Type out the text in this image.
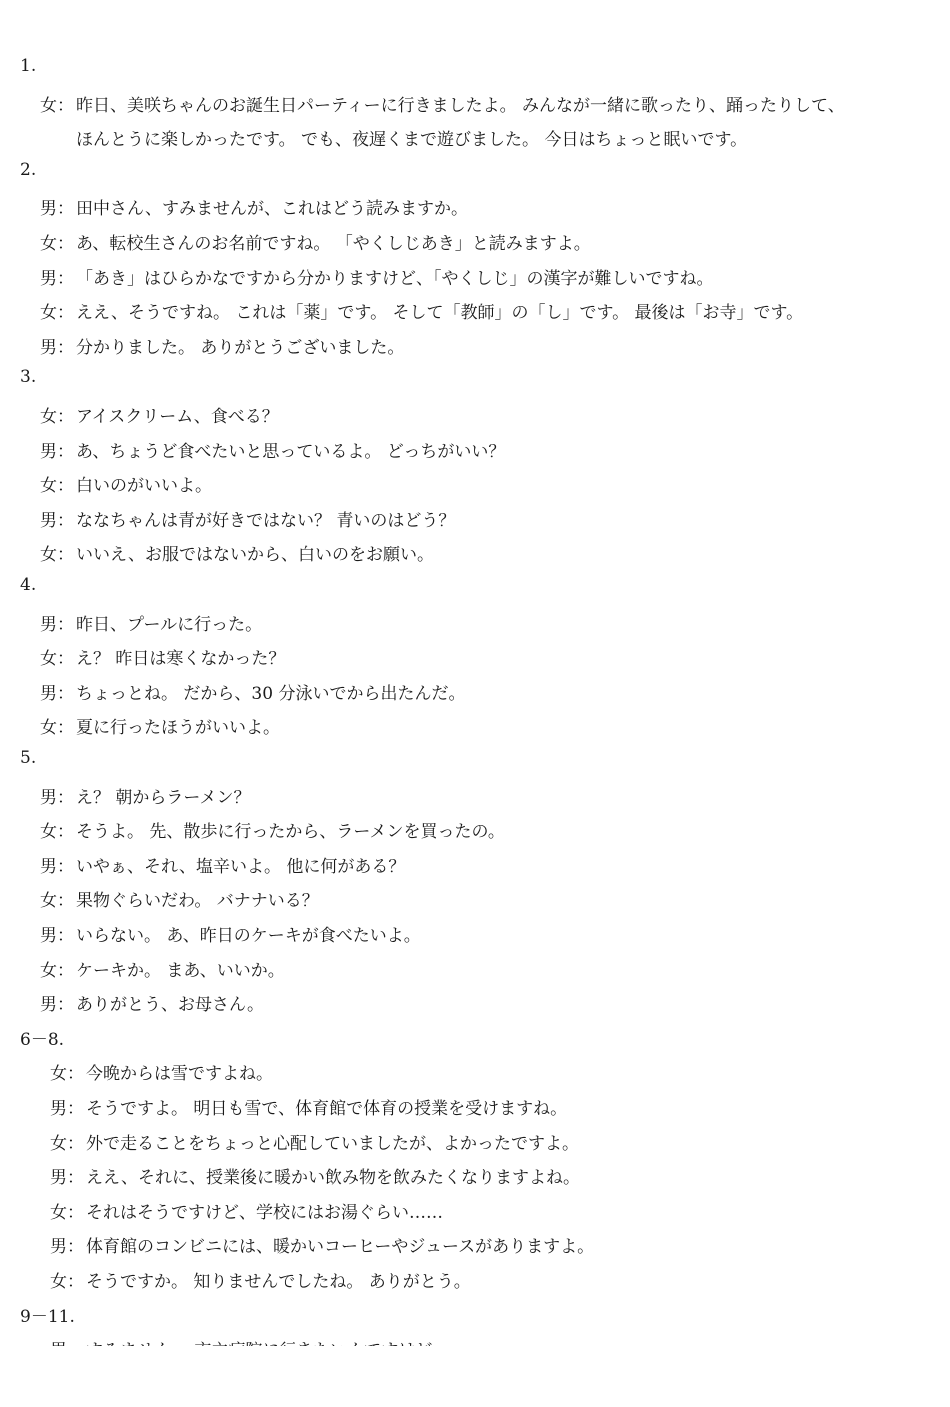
1.
女： 昨日、美咲ちゃんのお誕生日パーティーに行きましたよ。 みんなが一緒に歌ったり、踊ったりして、
ほんとうに楽しかったです。 でも、夜遅くまで遊びました。 今日はちょっと眠いです。
2.
男： 田中さん、すみませんが、これはどう読みますか。
女： あ、転校生さんのお名前ですね。 「やくしじあき」と読みますよ。
男： 「あき」はひらかなですから分かりますけど、「やくしじ」の漢字が難しいですね。
女： ええ、そうですね。 これは「薬」です。 そして「教師」の「し」です。 最後は「お寺」です。
男： 分かりました。 ありがとうございました。
3.
女： アイスクリーム、食べる？
男： あ、ちょうど食べたいと思っているよ。 どっちがいい？
女： 白いのがいいよ。
男： ななちゃんは青が好きではない？ 青いのはどう？
女： いいえ、お服ではないから、白いのをお願い。
4.
男： 昨日、プールに行った。
女： え？ 昨日は寒くなかった？
男： ちょっとね。 だから、30 分泳いでから出たんだ。
女： 夏に行ったほうがいいよ。
5.
男： え？ 朝からラーメン？
女： そうよ。 先、散歩に行ったから、ラーメンを買ったの。
男： いやぁ、それ、塩辛いよ。 他に何がある？
女： 果物ぐらいだわ。 バナナいる？
男： いらない。 あ、昨日のケーキが食べたいよ。
女： ケーキか。 まあ、いいか。
男： ありがとう、お母さん。
6－8.
女： 今晩からは雪ですよね。
男： そうですよ。 明日も雪で、体育館で体育の授業を受けますね。
女： 外で走ることをちょっと心配していましたが、よかったですよ。
男： ええ、それに、授業後に暖かい飲み物を飲みたくなりますよね。
女： それはそうですけど、学校にはお湯ぐらい……
男： 体育館のコンビニには、暖かいコーヒーやジュースがありますよ。
女： そうですか。 知りませんでしたね。 ありがとう。
9－11.
